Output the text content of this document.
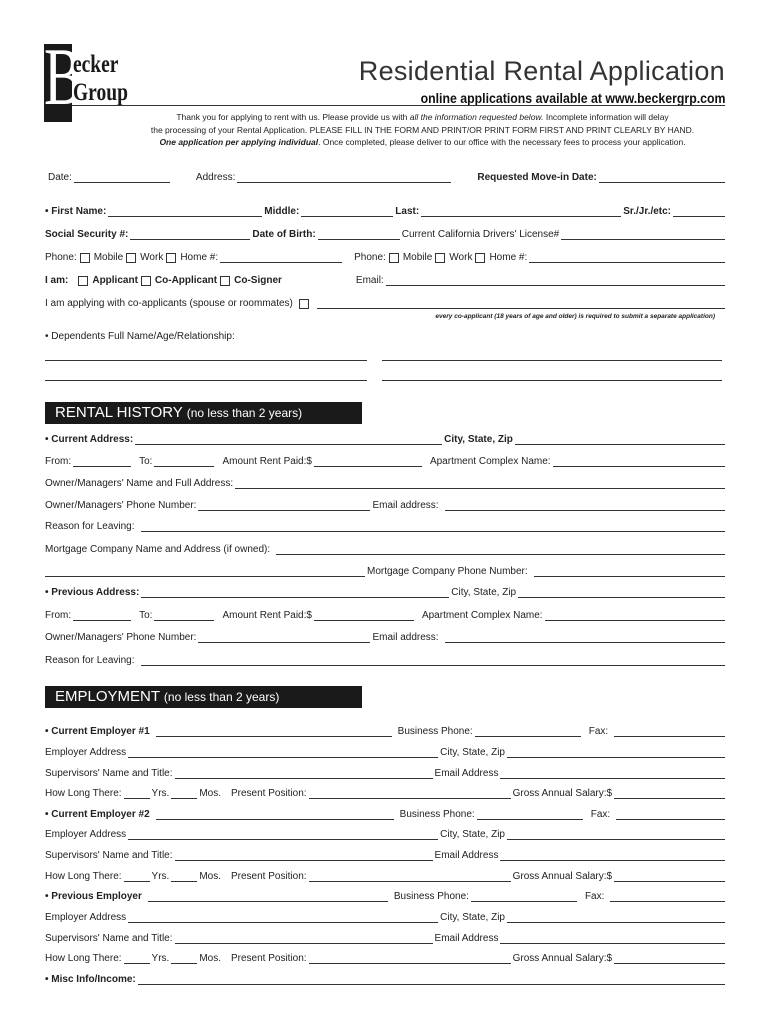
B
ecker
Group
Residential Rental Application
online applications available at www.beckergrp.com
Thank you for applying to rent with us. Please provide us with all the information requested below. Incomplete information will delay
the processing of your Rental Application. PLEASE FILL IN THE FORM AND PRINT/OR PRINT FORM FIRST AND PRINT CLEARLY BY HAND.
One application per applying individual. Once completed, please deliver to our office with the necessary fees to process your application.
Date:	Address:	Requested Move-in Date:
• First Name:	Middle:	Last:	Sr./Jr./etc:
Social Security #:	Date of Birth:	Current California Drivers' License#
Phone: Mobile Work Home #:	Phone: Mobile Work Home #:
I am: Applicant Co-Applicant Co-Signer	Email:
I am applying with co-applicants (spouse or roommates)
every co-applicant (18 years of age and older) is required to submit a separate application)
• Dependents Full Name/Age/Relationship:
RENTAL HISTORY (no less than 2 years)
• Current Address:	City, State, Zip
From:	To:	Amount Rent Paid:$	Apartment Complex Name:
Owner/Managers' Name and Full Address:
Owner/Managers' Phone Number:	Email address:
Reason for Leaving:
Mortgage Company Name and Address (if owned):
Mortgage Company Phone Number:
• Previous Address:	City, State, Zip
From:	To:	Amount Rent Paid:$	Apartment Complex Name:
Owner/Managers' Phone Number:	Email address:
Reason for Leaving:
EMPLOYMENT (no less than 2 years)
• Current Employer #1	Business Phone:	Fax:
Employer Address	City, State, Zip
Supervisors' Name and Title:	Email Address
How Long There:	Yrs.	Mos. Present Position:	Gross Annual Salary:$
• Current Employer #2	Business Phone:	Fax:
Employer Address	City, State, Zip
Supervisors' Name and Title:	Email Address
How Long There:	Yrs.	Mos. Present Position:	Gross Annual Salary:$
• Previous Employer	Business Phone:	Fax:
Employer Address	City, State, Zip
Supervisors' Name and Title:	Email Address
How Long There:	Yrs.	Mos. Present Position:	Gross Annual Salary:$
• Misc Info/Income:
